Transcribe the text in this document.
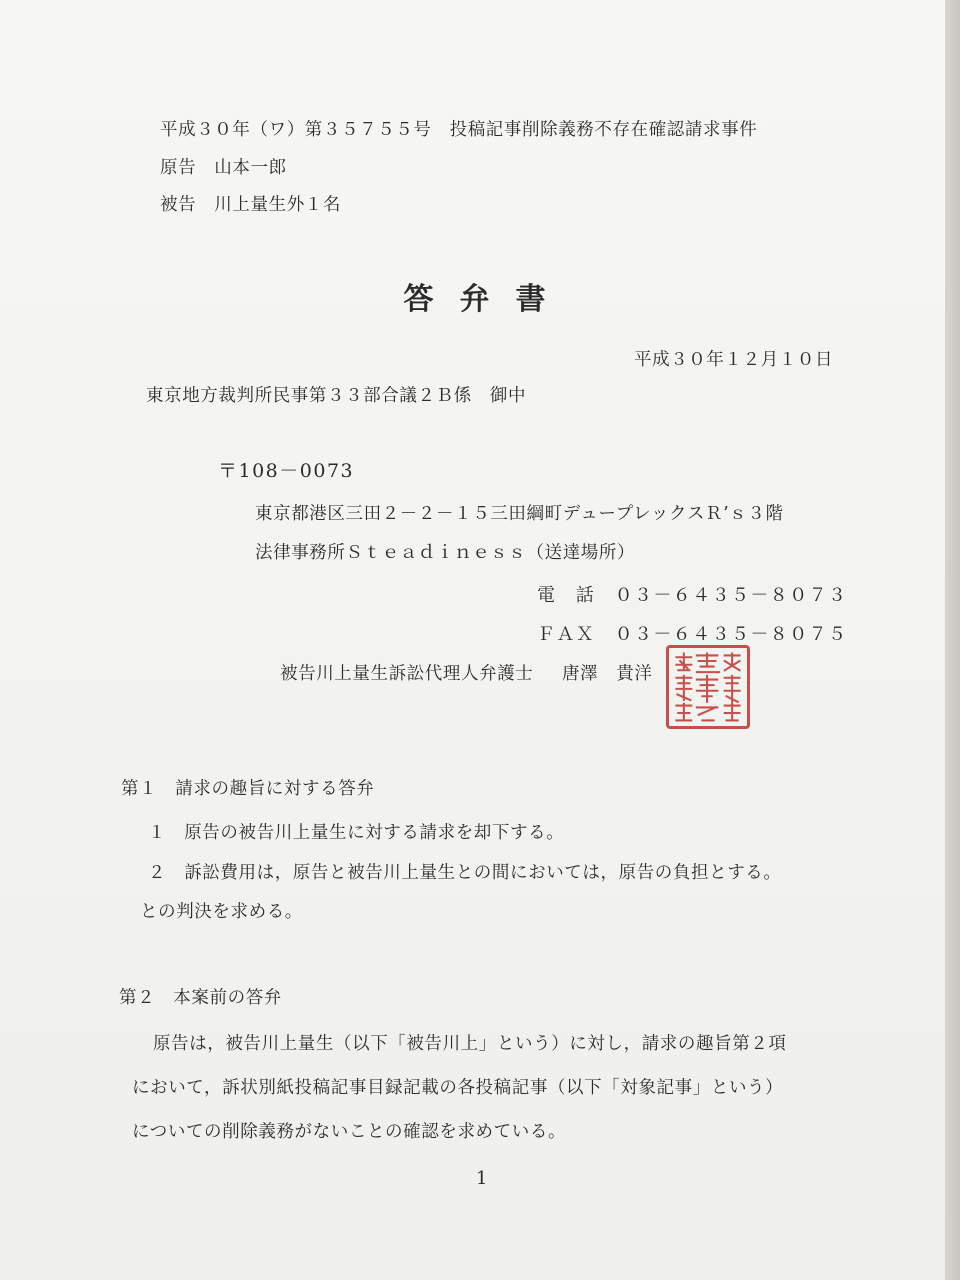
平成３０年（ワ）第３５７５５号　投稿記事削除義務不存在確認請求事件
原告　山本一郎
被告　川上量生外１名
答弁書
平成３０年１２月１０日
東京地方裁判所民事第３３部合議２Ｂ係　御中
〒108－0073
東京都港区三田２－２－１５三田綱町デュープレックスＲ’ｓ３階
法律事務所Ｓｔｅａｄｉｎｅｓｓ（送達場所）
電　話　０３－６４３５－８０７３
ＦＡＸ　０３－６４３５－８０７５
被告川上量生訴訟代理人弁護士 唐澤　貴洋
第１　請求の趣旨に対する答弁
１　原告の被告川上量生に対する請求を却下する。
２　訴訟費用は，原告と被告川上量生との間においては，原告の負担とする。
との判決を求める。
第２　本案前の答弁
原告は，被告川上量生（以下「被告川上」という）に対し，請求の趣旨第２項
において，訴状別紙投稿記事目録記載の各投稿記事（以下「対象記事」という）
についての削除義務がないことの確認を求めている。
1
